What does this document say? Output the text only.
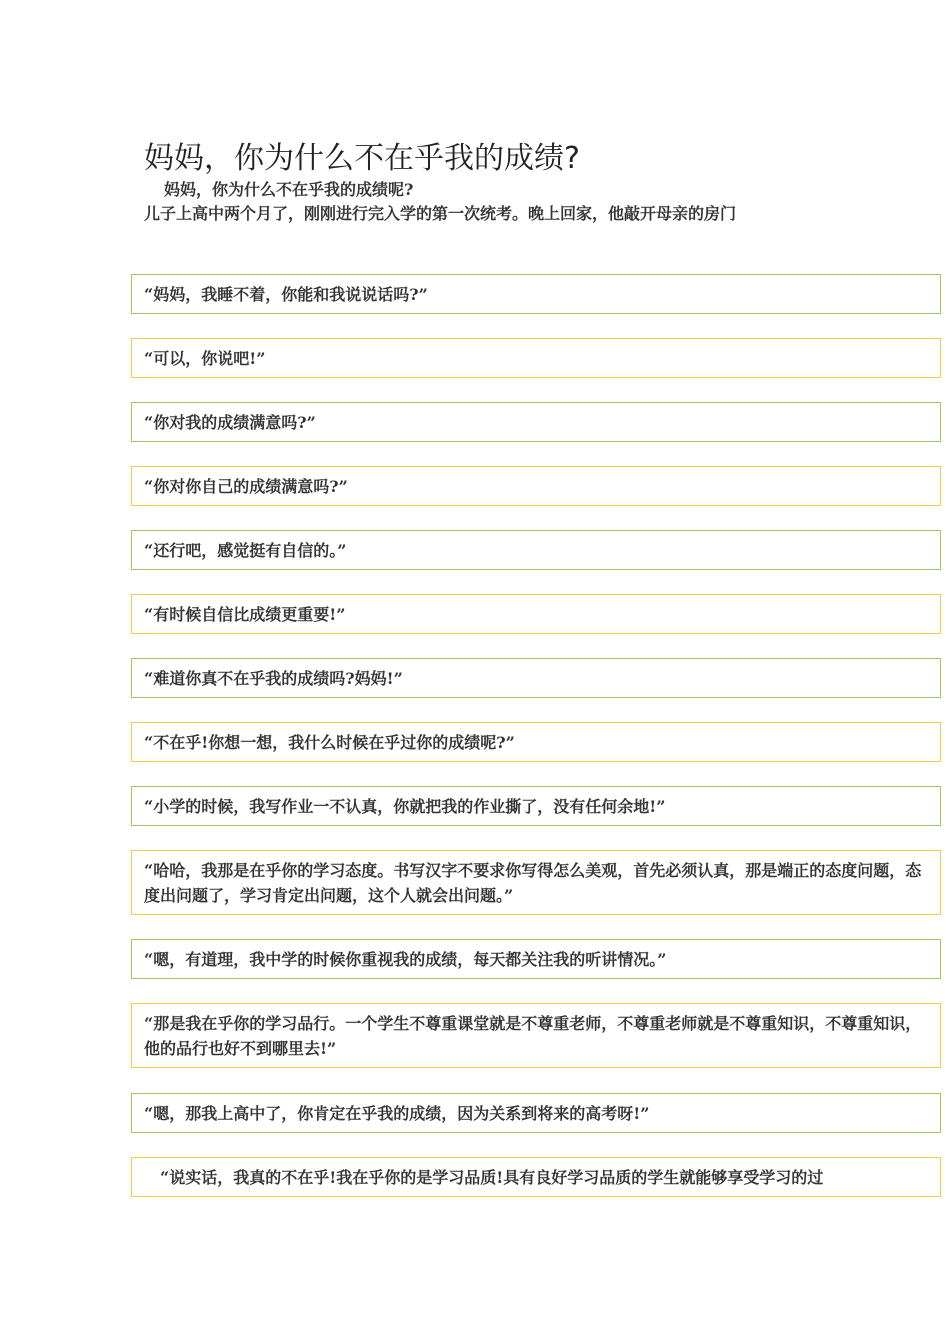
妈妈，你为什么不在乎我的成绩?
妈妈，你为什么不在乎我的成绩呢?
儿子上高中两个月了，刚刚进行完入学的第一次统考。晚上回家，他敲开母亲的房门
“妈妈，我睡不着，你能和我说说话吗?”
“可以，你说吧!”
“你对我的成绩满意吗?”
“你对你自己的成绩满意吗?”
“还行吧，感觉挺有自信的。”
“有时候自信比成绩更重要!”
“难道你真不在乎我的成绩吗?妈妈!”
“不在乎!你想一想，我什么时候在乎过你的成绩呢?”
“小学的时候，我写作业一不认真，你就把我的作业撕了，没有任何余地!”
“哈哈，我那是在乎你的学习态度。书写汉字不要求你写得怎么美观，首先必须认真，那是端正的态度问题，态度出问题了，学习肯定出问题，这个人就会出问题。”
“嗯，有道理，我中学的时候你重视我的成绩，每天都关注我的听讲情况。”
“那是我在乎你的学习品行。一个学生不尊重课堂就是不尊重老师，不尊重老师就是不尊重知识，不尊重知识，他的品行也好不到哪里去!”
“嗯，那我上高中了，你肯定在乎我的成绩，因为关系到将来的高考呀!”
“说实话，我真的不在乎!我在乎你的是学习品质!具有良好学习品质的学生就能够享受学习的过
